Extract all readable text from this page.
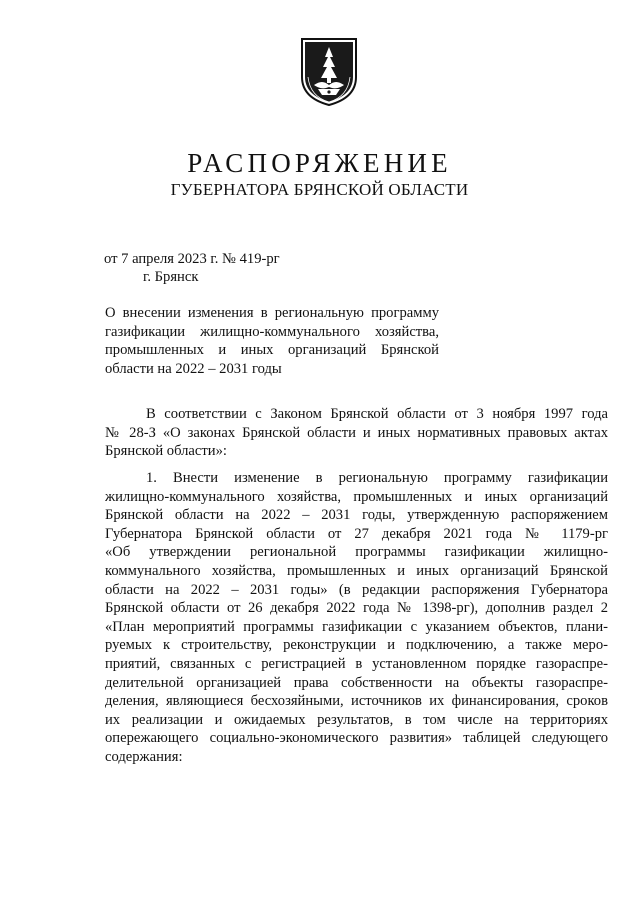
РАСПОРЯЖЕНИЕ
ГУБЕРНАТОРА БРЯНСКОЙ ОБЛАСТИ
от 7 апреля 2023 г. № 419-рг
г. Брянск
О внесении изменения в региональную программу
газификации жилищно-коммунального хозяйства,
промышленных и иных организаций Брянской
области на 2022 – 2031 годы
В соответствии с Законом Брянской области от 3 ноября 1997 года
№ 28-З «О законах Брянской области и иных нормативных правовых актах
Брянской области»:
1. Внести изменение в региональную программу газификации
жилищно-коммунального хозяйства, промышленных и иных организаций
Брянской области на 2022 – 2031 годы, утвержденную распоряжением
Губернатора Брянской области от 27 декабря 2021 года № 1179-рг
«Об утверждении региональной программы газификации жилищно-
коммунального хозяйства, промышленных и иных организаций Брянской
области на 2022 – 2031 годы» (в редакции распоряжения Губернатора
Брянской области от 26 декабря 2022 года № 1398-рг), дополнив раздел 2
«План мероприятий программы газификации с указанием объектов, плани-
руемых к строительству, реконструкции и подключению, а также меро-
приятий, связанных с регистрацией в установленном порядке газораспре-
делительной организацией права собственности на объекты газораспре-
деления, являющиеся бесхозяйными, источников их финансирования, сроков
их реализации и ожидаемых результатов, в том числе на территориях
опережающего социально-экономического развития» таблицей следующего
содержания:
